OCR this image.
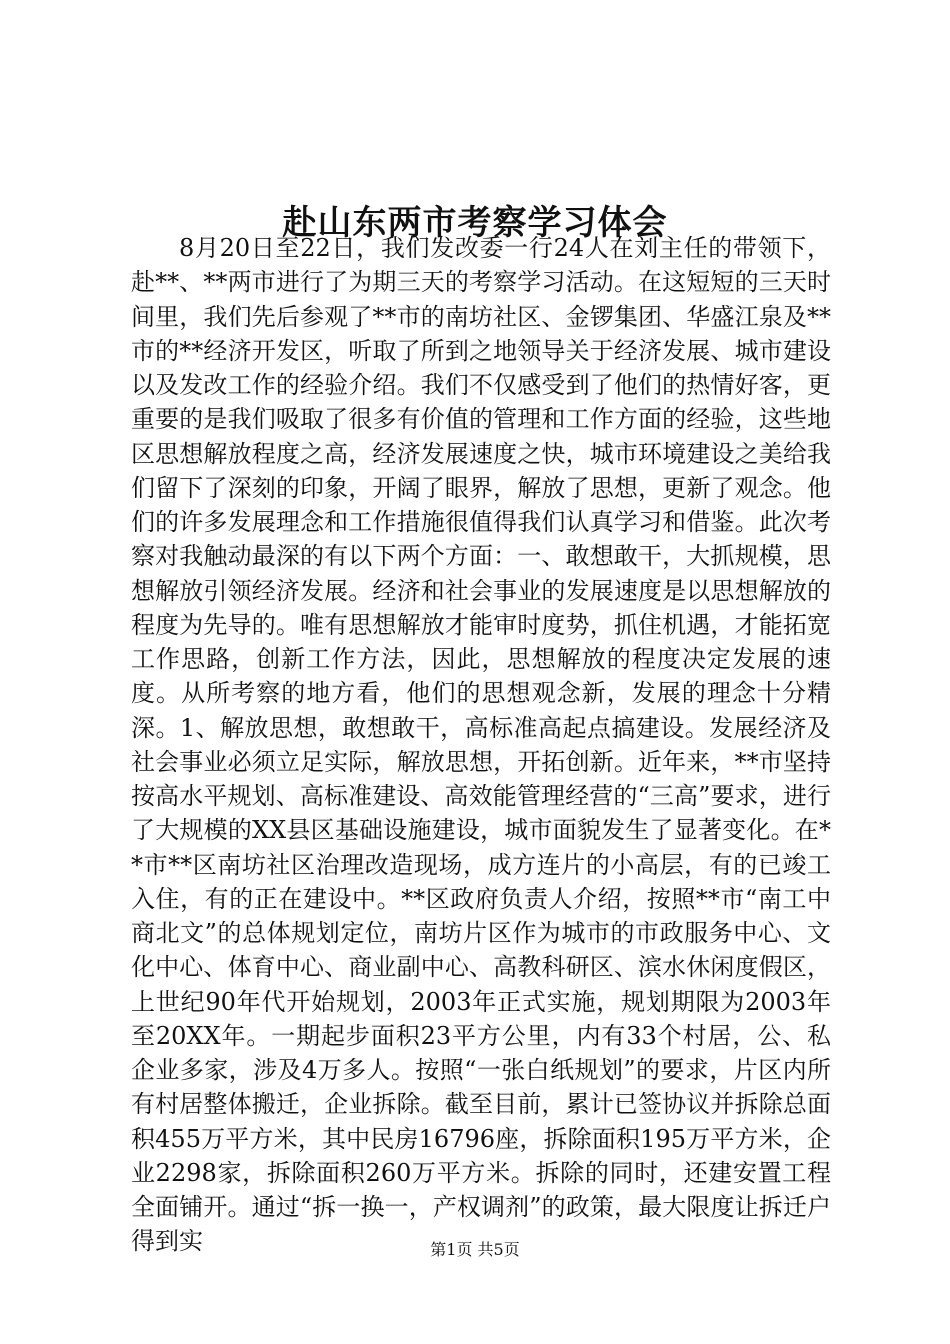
赴山东两市考察学习体会

8月20日至22日，我们发改委一行24人在刘主任的带领下，赴**、**两市进行了为期三天的考察学习活动。在这短短的三天时间里，我们先后参观了**市的南坊社区、金锣集团、华盛江泉及**市的**经济开发区，听取了所到之地领导关于经济发展、城市建设以及发改工作的经验介绍。我们不仅感受到了他们的热情好客，更重要的是我们吸取了很多有价值的管理和工作方面的经验，这些地区思想解放程度之高，经济发展速度之快，城市环境建设之美给我们留下了深刻的印象，开阔了眼界，解放了思想，更新了观念。他们的许多发展理念和工作措施很值得我们认真学习和借鉴。此次考察对我触动最深的有以下两个方面：一、敢想敢干，大抓规模，思想解放引领经济发展。经济和社会事业的发展速度是以思想解放的程度为先导的。唯有思想解放才能审时度势，抓住机遇，才能拓宽工作思路，创新工作方法，因此，思想解放的程度决定发展的速度。从所考察的地方看，他们的思想观念新，发展的理念十分精深。1、解放思想，敢想敢干，高标准高起点搞建设。发展经济及社会事业必须立足实际，解放思想，开拓创新。近年来，**市坚持按高水平规划、高标准建设、高效能管理经营的“三高”要求，进行了大规模的XX县区基础设施建设，城市面貌发生了显著变化。在**市**区南坊社区治理改造现场，成方连片的小高层，有的已竣工入住，有的正在建设中。**区政府负责人介绍，按照**市“南工中商北文”的总体规划定位，南坊片区作为城市的市政服务中心、文化中心、体育中心、商业副中心、高教科研区、滨水休闲度假区，上世纪90年代开始规划，2003年正式实施，规划期限为2003年至20XX年。一期起步面积23平方公里，内有33个村居，公、私企业多家，涉及4万多人。按照“一张白纸规划”的要求，片区内所有村居整体搬迁，企业拆除。截至目前，累计已签协议并拆除总面积455万平方米，其中民房16796座，拆除面积195万平方米，企业2298家，拆除面积260万平方米。拆除的同时，还建安置工程全面铺开。通过“拆一换一，产权调剂”的政策，最大限度让拆迁户得到实	第1页 共5页
